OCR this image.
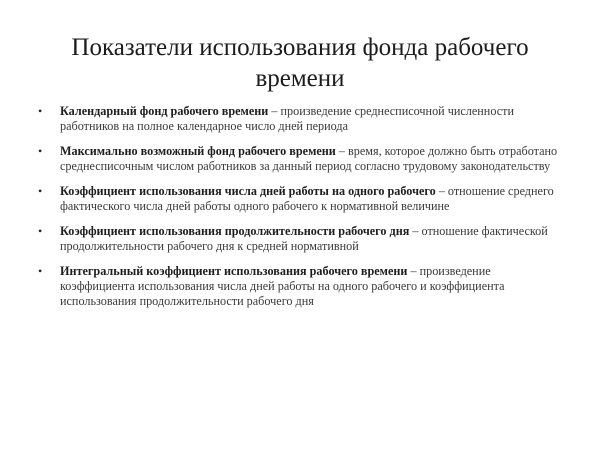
Показатели использования фонда рабочего
времени
• Календарный фонд рабочего времени – произведение среднесписочной численности работников на полное календарное число дней периода
• Максимально возможный фонд рабочего времени – время, которое должно быть отработано среднесписочным числом работников за данный период согласно трудовому законодательству
• Коэффициент использования числа дней работы на одного рабочего – отношение среднего фактического числа дней работы одного рабочего к нормативной величине
• Коэффициент использования продолжительности рабочего дня – отношение фактической продолжительности рабочего дня к средней нормативной
• Интегральный коэффициент использования рабочего времени – произведение коэффициента использования числа дней работы на одного рабочего и коэффициента использования продолжительности рабочего дня
